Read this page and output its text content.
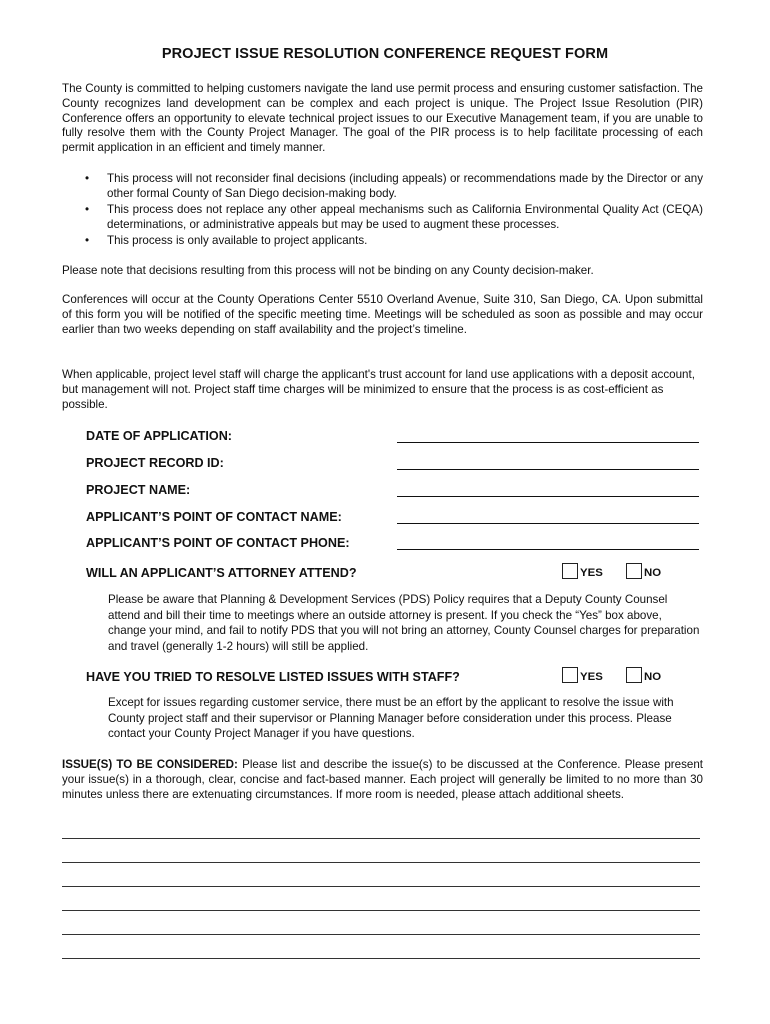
PROJECT ISSUE RESOLUTION CONFERENCE REQUEST FORM

The County is committed to helping customers navigate the land use permit process and ensuring customer satisfaction. The County recognizes land development can be complex and each project is unique. The Project Issue Resolution (PIR) Conference offers an opportunity to elevate technical project issues to our Executive Management team, if you are unable to fully resolve them with the County Project Manager. The goal of the PIR process is to help facilitate processing of each permit application in an efficient and timely manner.

• This process will not reconsider final decisions (including appeals) or recommendations made by the Director or any other formal County of San Diego decision-making body.
• This process does not replace any other appeal mechanisms such as California Environmental Quality Act (CEQA) determinations, or administrative appeals but may be used to augment these processes.
• This process is only available to project applicants.

Please note that decisions resulting from this process will not be binding on any County decision-maker.

Conferences will occur at the County Operations Center 5510 Overland Avenue, Suite 310, San Diego, CA. Upon submittal of this form you will be notified of the specific meeting time. Meetings will be scheduled as soon as possible and may occur earlier than two weeks depending on staff availability and the project’s timeline.

When applicable, project level staff will charge the applicant's trust account for land use applications with a deposit account, but management will not. Project staff time charges will be minimized to ensure that the process is as cost-efficient as possible.

DATE OF APPLICATION:
PROJECT RECORD ID:
PROJECT NAME:
APPLICANT’S POINT OF CONTACT NAME:
APPLICANT’S POINT OF CONTACT PHONE:
WILL AN APPLICANT’S ATTORNEY ATTEND?	YES	NO

Please be aware that Planning & Development Services (PDS) Policy requires that a Deputy County Counsel attend and bill their time to meetings where an outside attorney is present. If you check the “Yes” box above, change your mind, and fail to notify PDS that you will not bring an attorney, County Counsel charges for preparation and travel (generally 1-2 hours) will still be applied.

HAVE YOU TRIED TO RESOLVE LISTED ISSUES WITH STAFF?	YES	NO

Except for issues regarding customer service, there must be an effort by the applicant to resolve the issue with County project staff and their supervisor or Planning Manager before consideration under this process. Please contact your County Project Manager if you have questions.

ISSUE(S) TO BE CONSIDERED: Please list and describe the issue(s) to be discussed at the Conference. Please present your issue(s) in a thorough, clear, concise and fact-based manner. Each project will generally be limited to no more than 30 minutes unless there are extenuating circumstances. If more room is needed, please attach additional sheets.
